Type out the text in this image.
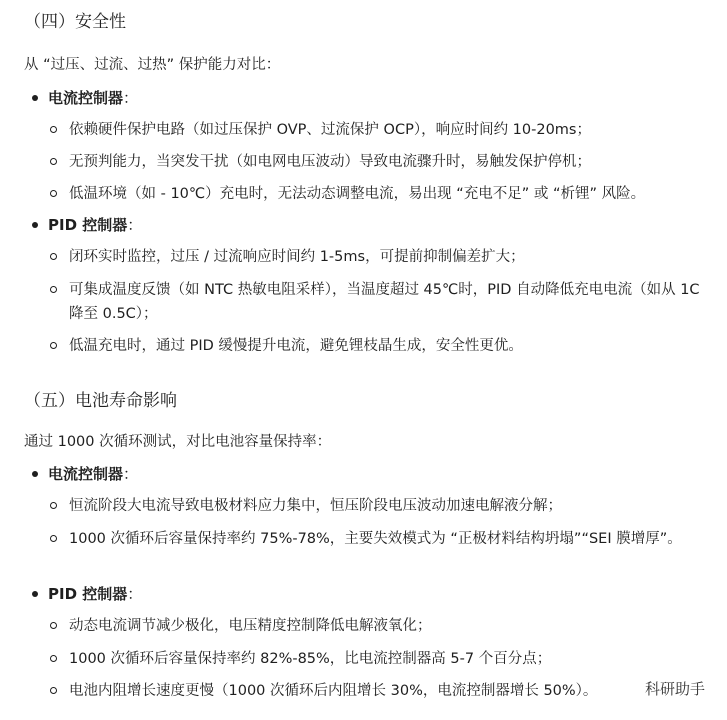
（四）安全性
从 “过压、过流、过热” 保护能力对比：
电流控制器：
依赖硬件保护电路（如过压保护 OVP、过流保护 OCP），响应时间约 10-20ms；
无预判能力，当突发干扰（如电网电压波动）导致电流骤升时，易触发保护停机；
低温环境（如 - 10℃）充电时，无法动态调整电流，易出现 “充电不足” 或 “析锂” 风险。
PID 控制器：
闭环实时监控，过压 / 过流响应时间约 1-5ms，可提前抑制偏差扩大；
可集成温度反馈（如 NTC 热敏电阻采样），当温度超过 45℃时，PID 自动降低充电电流（如从 1C 降至 0.5C）；
低温充电时，通过 PID 缓慢提升电流，避免锂枝晶生成，安全性更优。
（五）电池寿命影响
通过 1000 次循环测试，对比电池容量保持率：
电流控制器：
恒流阶段大电流导致电极材料应力集中，恒压阶段电压波动加速电解液分解；
1000 次循环后容量保持率约 75%-78%，主要失效模式为 “正极材料结构坍塌”“SEI 膜增厚”。
PID 控制器：
动态电流调节减少极化，电压精度控制降低电解液氧化；
1000 次循环后容量保持率约 82%-85%，比电流控制器高 5-7 个百分点；
电池内阻增长速度更慢（1000 次循环后内阻增长 30%，电流控制器增长 50%）。	科研助手
